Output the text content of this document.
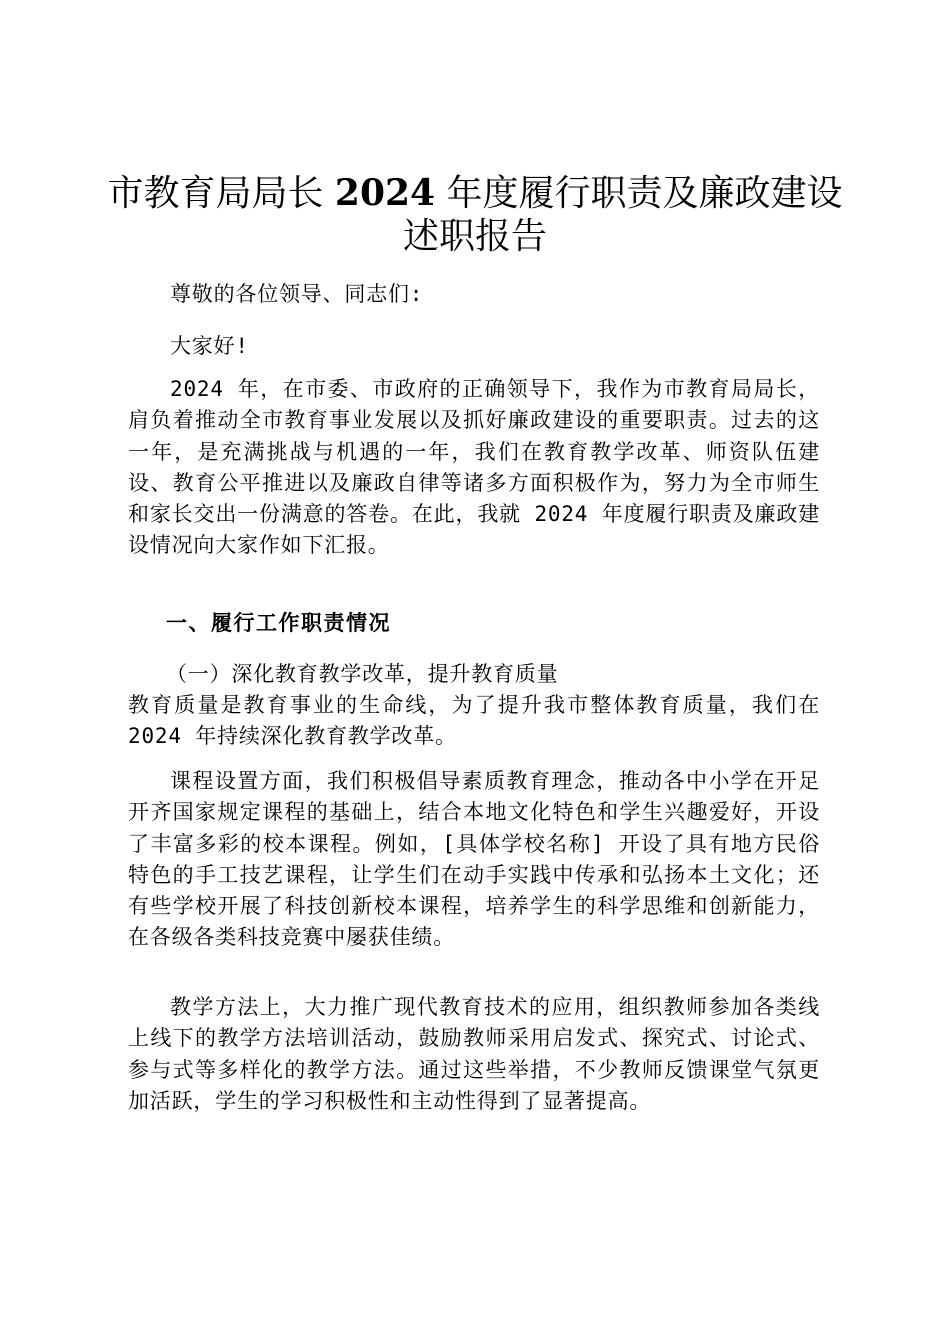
市教育局局长 2024 年度履行职责及廉政建设
述职报告

尊敬的各位领导、同志们:

大家好!

2024 年，在市委、市政府的正确领导下，我作为市教育局局长，肩负着推动全市教育事业发展以及抓好廉政建设的重要职责。过去的这一年，是充满挑战与机遇的一年，我们在教育教学改革、师资队伍建设、教育公平推进以及廉政自律等诸多方面积极作为，努力为全市师生和家长交出一份满意的答卷。在此，我就 2024 年度履行职责及廉政建设情况向大家作如下汇报。

一、履行工作职责情况

（一）深化教育教学改革，提升教育质量

教育质量是教育事业的生命线，为了提升我市整体教育质量，我们在 2024 年持续深化教育教学改革。

课程设置方面，我们积极倡导素质教育理念，推动各中小学在开足开齐国家规定课程的基础上，结合本地文化特色和学生兴趣爱好，开设了丰富多彩的校本课程。例如，[具体学校名称] 开设了具有地方民俗特色的手工技艺课程，让学生们在动手实践中传承和弘扬本土文化；还有些学校开展了科技创新校本课程，培养学生的科学思维和创新能力，在各级各类科技竞赛中屡获佳绩。

教学方法上，大力推广现代教育技术的应用，组织教师参加各类线上线下的教学方法培训活动，鼓励教师采用启发式、探究式、讨论式、参与式等多样化的教学方法。通过这些举措，不少教师反馈课堂气氛更加活跃，学生的学习积极性和主动性得到了显著提高。
